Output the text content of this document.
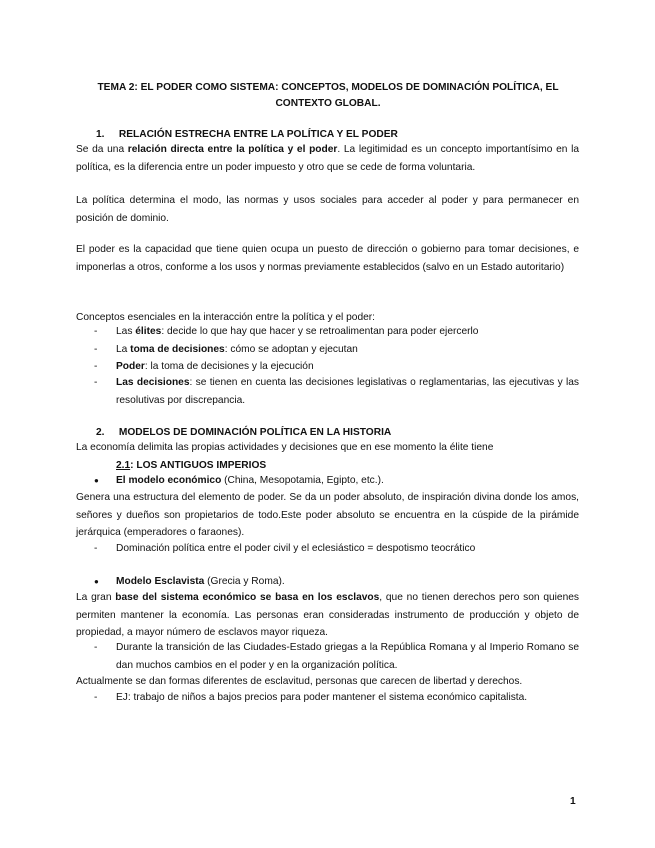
TEMA 2: EL PODER COMO SISTEMA: CONCEPTOS, MODELOS DE DOMINACIÓN POLÍTICA, EL CONTEXTO GLOBAL.
1. RELACIÓN ESTRECHA ENTRE LA POLÍTICA Y EL PODER
Se da una relación directa entre la política y el poder. La legitimidad es un concepto importantísimo en la política, es la diferencia entre un poder impuesto y otro que se cede de forma voluntaria.
La política determina el modo, las normas y usos sociales para acceder al poder y para permanecer en posición de dominio.
El poder es la capacidad que tiene quien ocupa un puesto de dirección o gobierno para tomar decisiones, e imponerlas a otros, conforme a los usos y normas previamente establecidos (salvo en un Estado autoritario)
Conceptos esenciales en la interacción entre la política y el poder:
- Las élites: decide lo que hay que hacer y se retroalimentan para poder ejercerlo
- La toma de decisiones: cómo se adoptan y ejecutan
- Poder: la toma de decisiones y la ejecución
- Las decisiones: se tienen en cuenta las decisiones legislativas o reglamentarias, las ejecutivas y las resolutivas por discrepancia.
2. MODELOS DE DOMINACIÓN POLÍTICA EN LA HISTORIA
La economía delimita las propias actividades y decisiones que en ese momento la élite tiene
2.1: LOS ANTIGUOS IMPERIOS
● El modelo económico (China, Mesopotamia, Egipto, etc.).
Genera una estructura del elemento de poder. Se da un poder absoluto, de inspiración divina donde los amos, señores y dueños son propietarios de todo.Este poder absoluto se encuentra en la cúspide de la pirámide jerárquica (emperadores o faraones).
- Dominación política entre el poder civil y el eclesiástico = despotismo teocrático
● Modelo Esclavista (Grecia y Roma).
La gran base del sistema económico se basa en los esclavos, que no tienen derechos pero son quienes permiten mantener la economía. Las personas eran consideradas instrumento de producción y objeto de propiedad, a mayor número de esclavos mayor riqueza.
- Durante la transición de las Ciudades-Estado griegas a la República Romana y al Imperio Romano se dan muchos cambios en el poder y en la organización política.
Actualmente se dan formas diferentes de esclavitud, personas que carecen de libertad y derechos.
- EJ: trabajo de niños a bajos precios para poder mantener el sistema económico capitalista.
1
